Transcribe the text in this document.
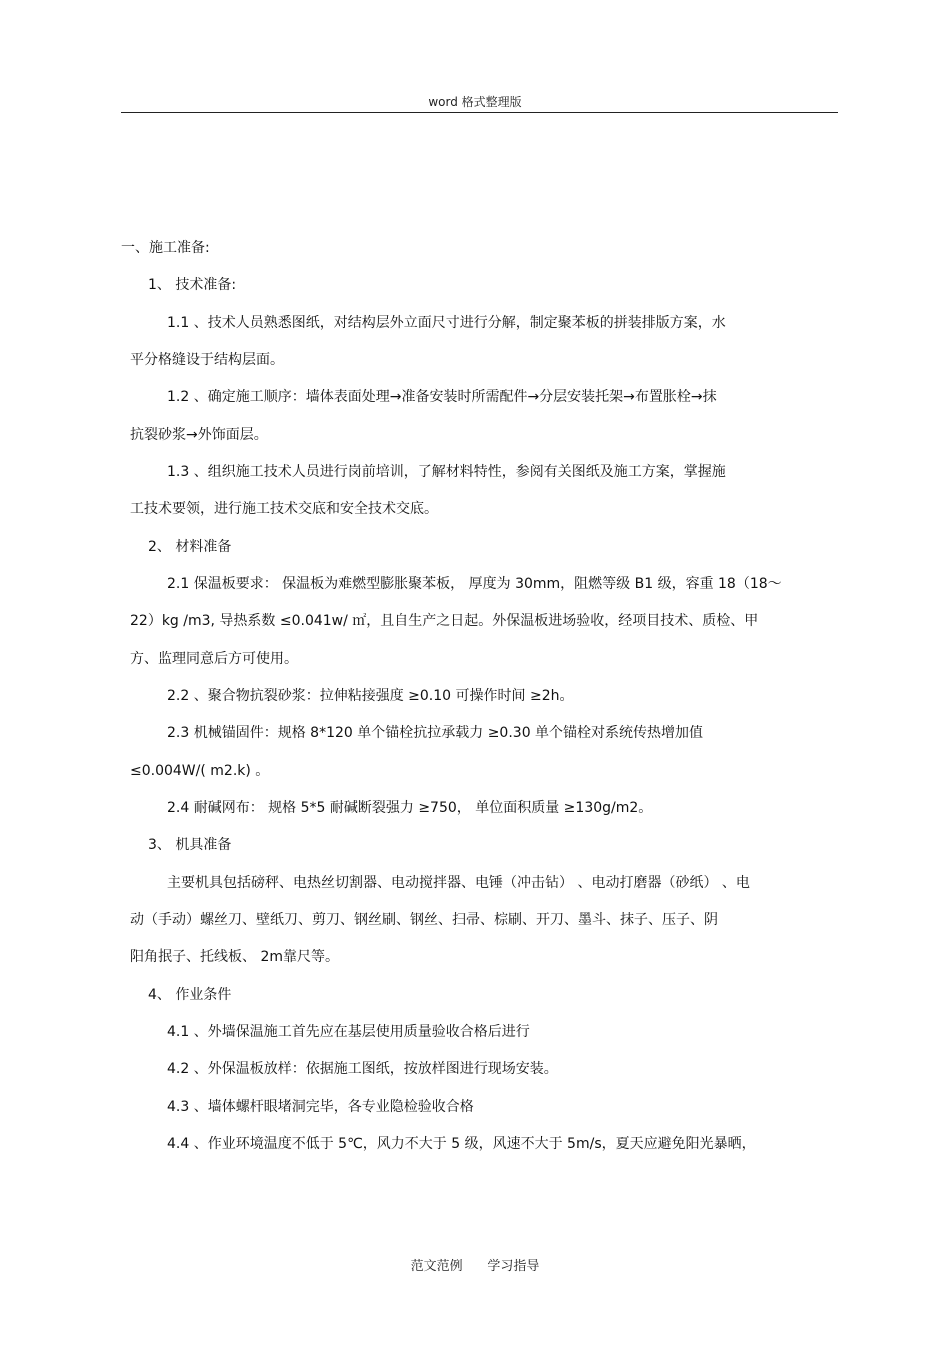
word 格式整理版
一、施工准备:
1、 技术准备:
1.1 、技术人员熟悉图纸，对结构层外立面尺寸进行分解，制定聚苯板的拼装排版方案，水
平分格缝设于结构层面。
1.2 、确定施工顺序：墙体表面处理→准备安装时所需配件→分层安装托架→布置胀栓→抹
抗裂砂浆→外饰面层。
1.3 、组织施工技术人员进行岗前培训，了解材料特性，参阅有关图纸及施工方案，掌握施
工技术要领，进行施工技术交底和安全技术交底。
2、 材料准备
2.1 保温板要求： 保温板为难燃型膨胀聚苯板， 厚度为 30mm，阻燃等级 B1 级，容重 18（18～
22）kg /m3, 导热系数 ≤0.041w/ ㎡，且自生产之日起。外保温板进场验收，经项目技术、质检、甲
方、监理同意后方可使用。
2.2 、聚合物抗裂砂浆：拉伸粘接强度 ≥0.10 可操作时间 ≥2h。
2.3 机械锚固件：规格 8*120 单个锚栓抗拉承载力 ≥0.30 单个锚栓对系统传热增加值
≤0.004W/( m2.k) 。
2.4 耐碱网布： 规格 5*5 耐碱断裂强力 ≥750， 单位面积质量 ≥130g/m2。
3、 机具准备
主要机具包括磅秤、电热丝切割器、电动搅拌器、电锤（冲击钻） 、电动打磨器（砂纸） 、电
动（手动）螺丝刀、壁纸刀、剪刀、钢丝刷、钢丝、扫帚、棕刷、开刀、墨斗、抹子、压子、阴
阳角抿子、托线板、 2m靠尺等。
4、 作业条件
4.1 、外墙保温施工首先应在基层使用质量验收合格后进行
4.2 、外保温板放样：依据施工图纸，按放样图进行现场安装。
4.3 、墙体螺杆眼堵洞完毕，各专业隐检验收合格
4.4 、作业环境温度不低于 5℃，风力不大于 5 级，风速不大于 5m/s，夏天应避免阳光暴晒，
范文范例      学习指导
